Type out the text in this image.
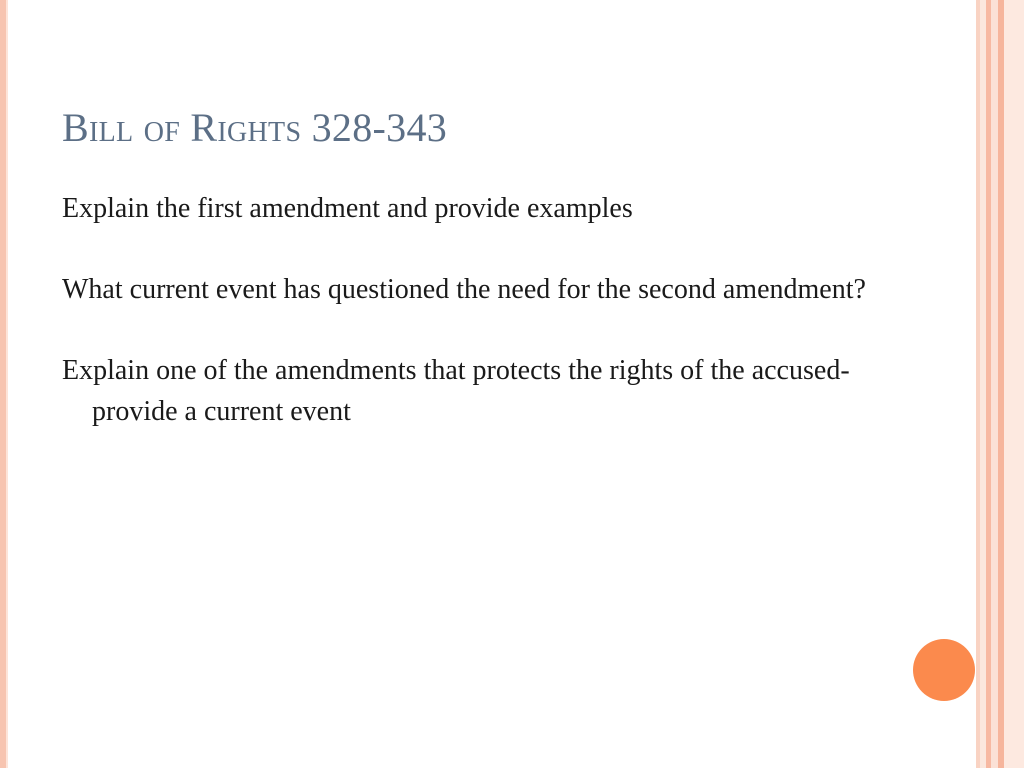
Bill of Rights 328-343

Explain the first amendment and provide examples

What current event has questioned the need for the second amendment?

Explain one of the amendments that protects the rights of the accused-provide a current event
